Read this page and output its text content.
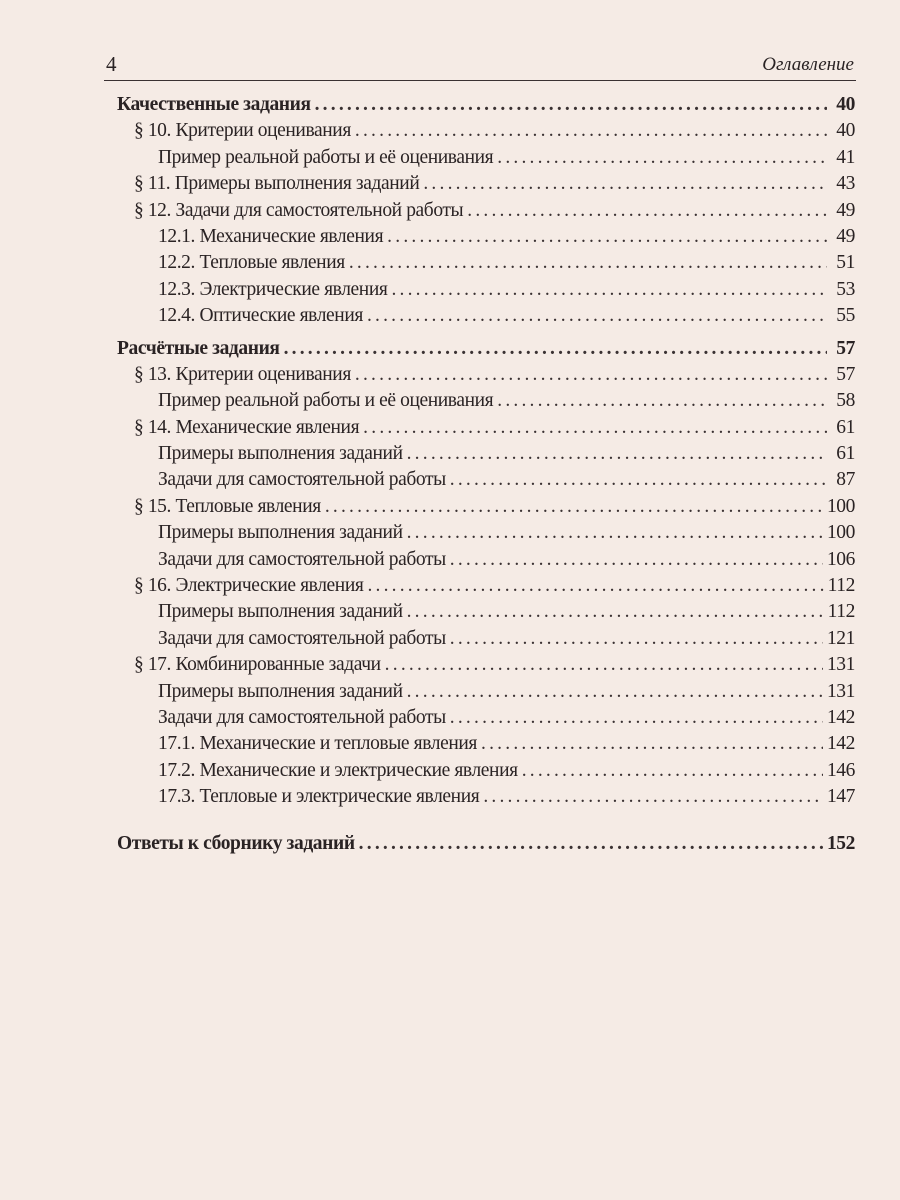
4	Оглавление
Качественные задания .....	40
§ 10. Критерии оценивания .....	40
Пример реальной работы и её оценивания .....	41
§ 11. Примеры выполнения заданий .....	43
§ 12. Задачи для самостоятельной работы .....	49
12.1. Механические явления .....	49
12.2. Тепловые явления .....	51
12.3. Электрические явления .....	53
12.4. Оптические явления .....	55
Расчётные задания .....	57
§ 13. Критерии оценивания .....	57
Пример реальной работы и её оценивания .....	58
§ 14. Механические явления .....	61
Примеры выполнения заданий .....	61
Задачи для самостоятельной работы .....	87
§ 15. Тепловые явления .....	100
Примеры выполнения заданий .....	100
Задачи для самостоятельной работы .....	106
§ 16. Электрические явления .....	112
Примеры выполнения заданий .....	112
Задачи для самостоятельной работы .....	121
§ 17. Комбинированные задачи .....	131
Примеры выполнения заданий .....	131
Задачи для самостоятельной работы .....	142
17.1. Механические и тепловые явления .....	142
17.2. Механические и электрические явления .....	146
17.3. Тепловые и электрические явления .....	147
Ответы к сборнику заданий .....	152
